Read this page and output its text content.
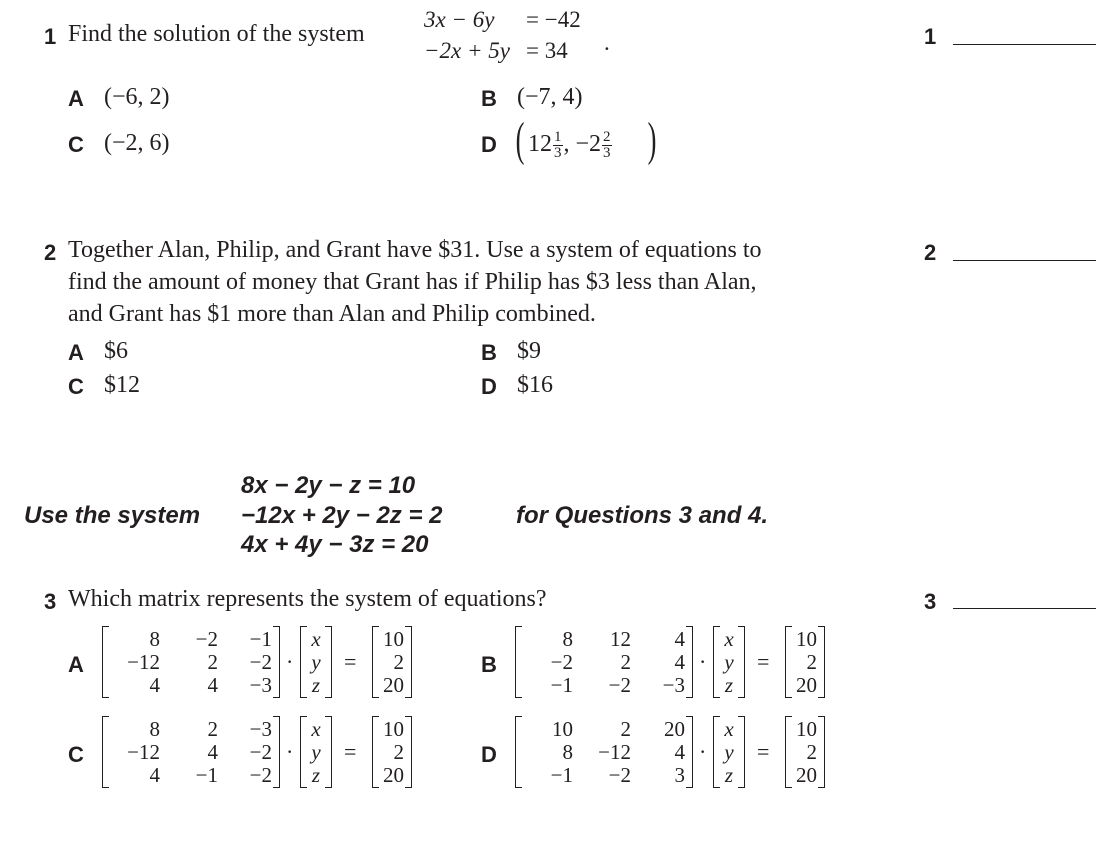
1 Find the solution of the system
3x − 6y = −42
−2x + 5y = 34 .	1
A (−6, 2)	B (−7, 4)
C (−2, 6)	D ( $12 \frac{1}{3}$ , $-2 \frac{2}{3}$ )
2 Together Alan, Philip, and Grant have $31. Use a system of equations to
find the amount of money that Grant has if Philip has $3 less than Alan,
and Grant has $1 more than Alan and Philip combined.
2
A $6	B $9
C $12	D $16
8x − 2y − z = 10
Use the system −12x + 2y − 2z = 2	for Questions 3 and 4.
4x + 4y − 3z = 20
3 Which matrix represents the system of equations?	3
A
8 −2 −1
−12 2 −2
4 4 −3
·
x
y
z
=
10
2
20
B
8 12 4
−2 2 4
−1 −2 −3
·
x
y
z
=
10
2
20
C
8 2 −3
−12 4 −2
4 −1 −2
·
x
y
z
=
10
2
20
D
10 2 20
8 −12 4
−1 −2 3
·
x
y
z
=
10
2
20
